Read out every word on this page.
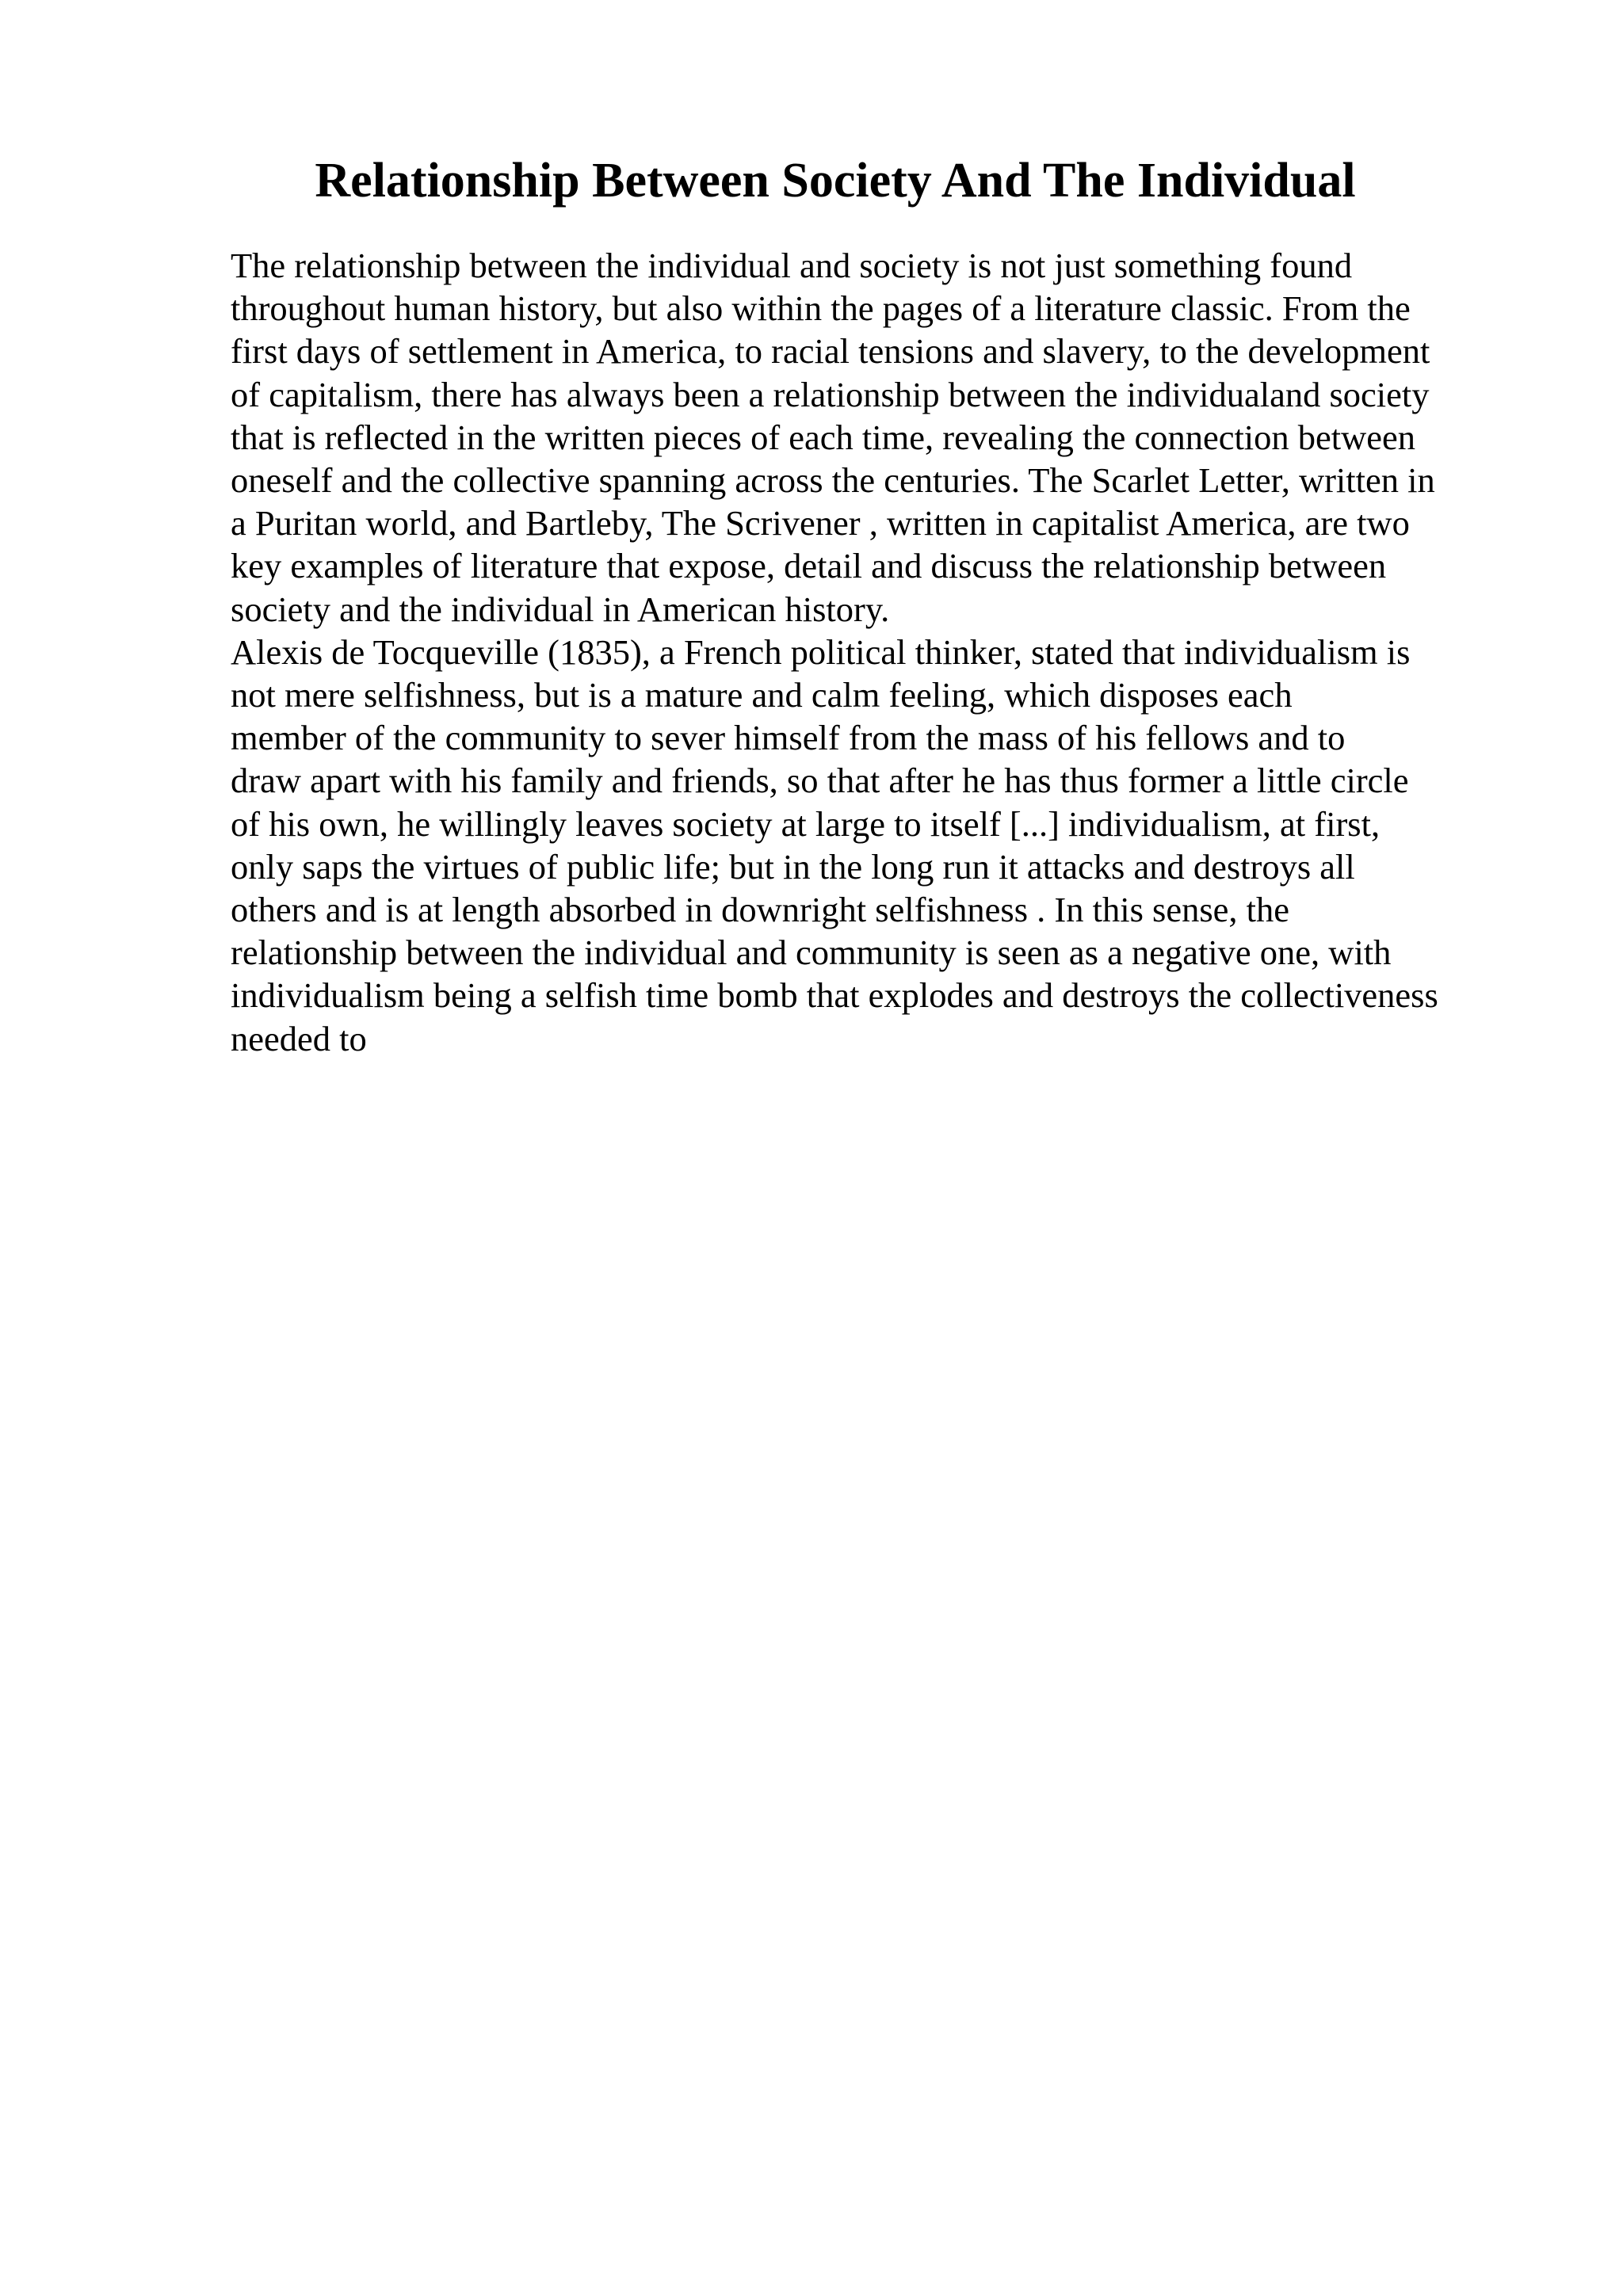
Relationship Between Society And The Individual
The relationship between the individual and society is not just something found
throughout human history, but also within the pages of a literature classic. From the
first days of settlement in America, to racial tensions and slavery, to the development
of capitalism, there has always been a relationship between the individualand society
that is reflected in the written pieces of each time, revealing the connection between
oneself and the collective spanning across the centuries. The Scarlet Letter, written in
a Puritan world, and Bartleby, The Scrivener , written in capitalist America, are two
key examples of literature that expose, detail and discuss the relationship between
society and the individual in American history.
Alexis de Tocqueville (1835), a French political thinker, stated that individualism is
not mere selfishness, but is a mature and calm feeling, which disposes each
member of the community to sever himself from the mass of his fellows and to
draw apart with his family and friends, so that after he has thus former a little circle
of his own, he willingly leaves society at large to itself [...] individualism, at first,
only saps the virtues of public life; but in the long run it attacks and destroys all
others and is at length absorbed in downright selfishness . In this sense, the
relationship between the individual and community is seen as a negative one, with
individualism being a selfish time bomb that explodes and destroys the collectiveness
needed to
